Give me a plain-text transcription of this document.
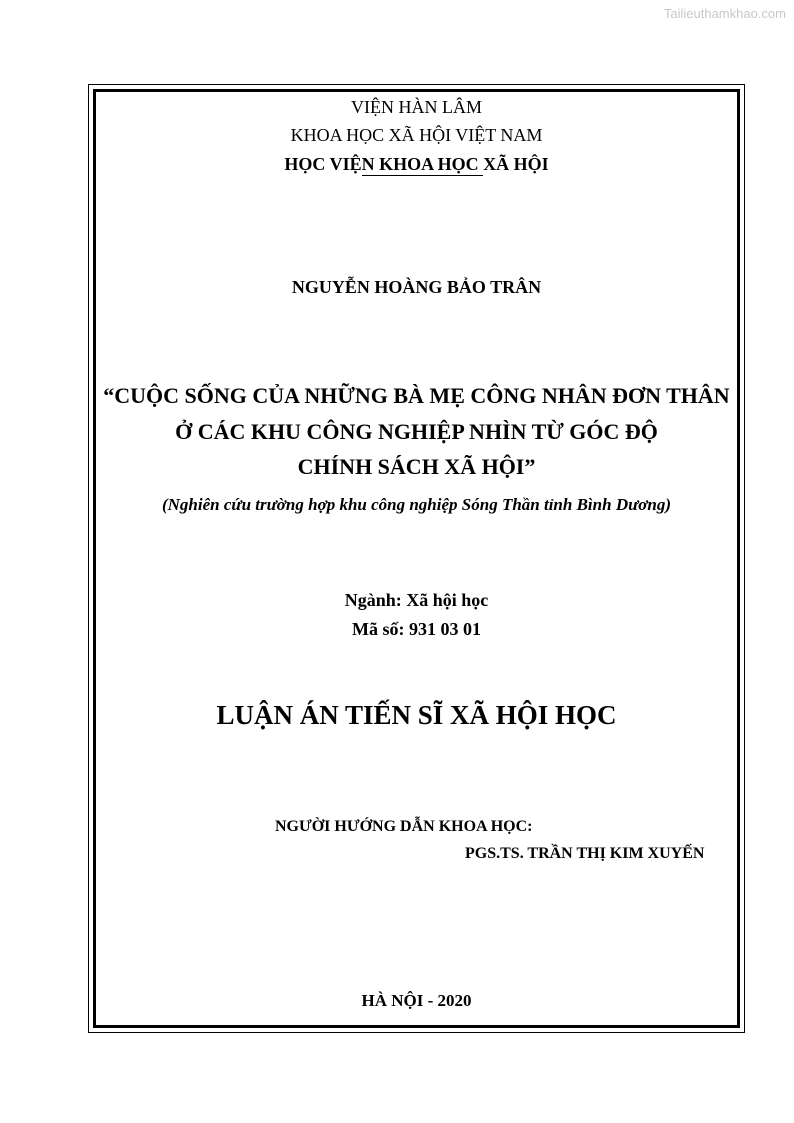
Tailieuthamkhao.com
VIỆN HÀN LÂM
KHOA HỌC XÃ HỘI VIỆT NAM
HỌC VIỆN KHOA HỌC XÃ HỘI
NGUYỄN HOÀNG BẢO TRÂN
“CUỘC SỐNG CỦA NHỮNG BÀ MẸ CÔNG NHÂN ĐƠN THÂN
Ở CÁC KHU CÔNG NGHIỆP NHÌN TỪ GÓC ĐỘ
CHÍNH SÁCH XÃ HỘI”
(Nghiên cứu trường hợp khu công nghiệp Sóng Thần tỉnh Bình Dương)
Ngành: Xã hội học
Mã số: 931 03 01
LUẬN ÁN TIẾN SĨ XÃ HỘI HỌC
NGƯỜI HƯỚNG DẪN KHOA HỌC:
PGS.TS. TRẦN THỊ KIM XUYẾN
HÀ NỘI - 2020
